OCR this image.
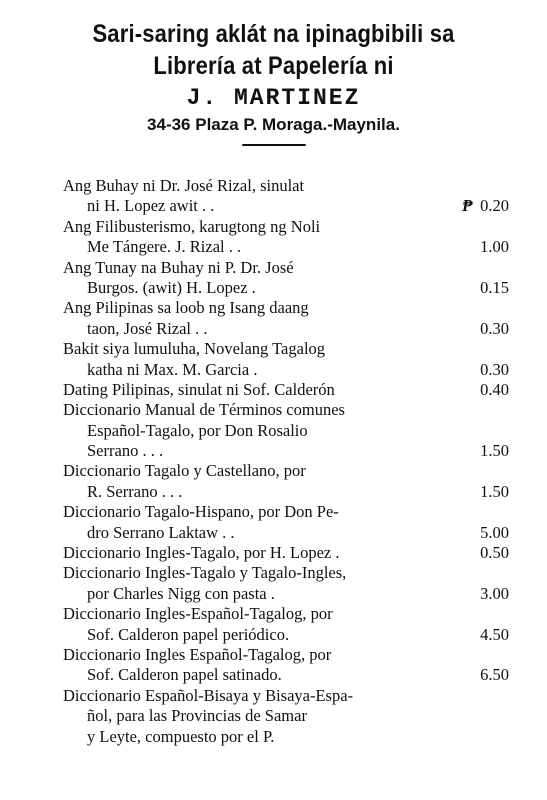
Sari-saring aklát na ipinagbibili sa
Librería at Papelería ni
J. MARTINEZ
34-36 Plaza P. Moraga.-Maynila.
Ang Buhay ni Dr. José Rizal, sinulat
ni H. Lopez awit . .	₱ 0.20
Ang Filibusterismo, karugtong ng Noli
Me Tángere. J. Rizal . .	1.00
Ang Tunay na Buhay ni P. Dr. José
Burgos. (awit) H. Lopez .	0.15
Ang Pilipinas sa loob ng Isang daang
taon, José Rizal . .	0.30
Bakit siya lumuluha, Novelang Tagalog
katha ni Max. M. Garcia .	0.30
Dating Pilipinas, sinulat ni Sof. Calderón	0.40
Diccionario Manual de Términos comunes
Español-Tagalo, por Don Rosalio
Serrano . . .	1.50
Diccionario Tagalo y Castellano, por
R. Serrano . . .	1.50
Diccionario Tagalo-Hispano, por Don Pe-
dro Serrano Laktaw . .	5.00
Diccionario Ingles-Tagalo, por H. Lopez .	0.50
Diccionario Ingles-Tagalo y Tagalo-Ingles,
por Charles Nigg con pasta .	3.00
Diccionario Ingles-Español-Tagalog, por
Sof. Calderon papel periódico.	4.50
Diccionario Ingles Español-Tagalog, por
Sof. Calderon papel satinado.	6.50
Diccionario Español-Bisaya y Bisaya-Espa-
ñol, para las Provincias de Samar
y Leyte, compuesto por el P.
